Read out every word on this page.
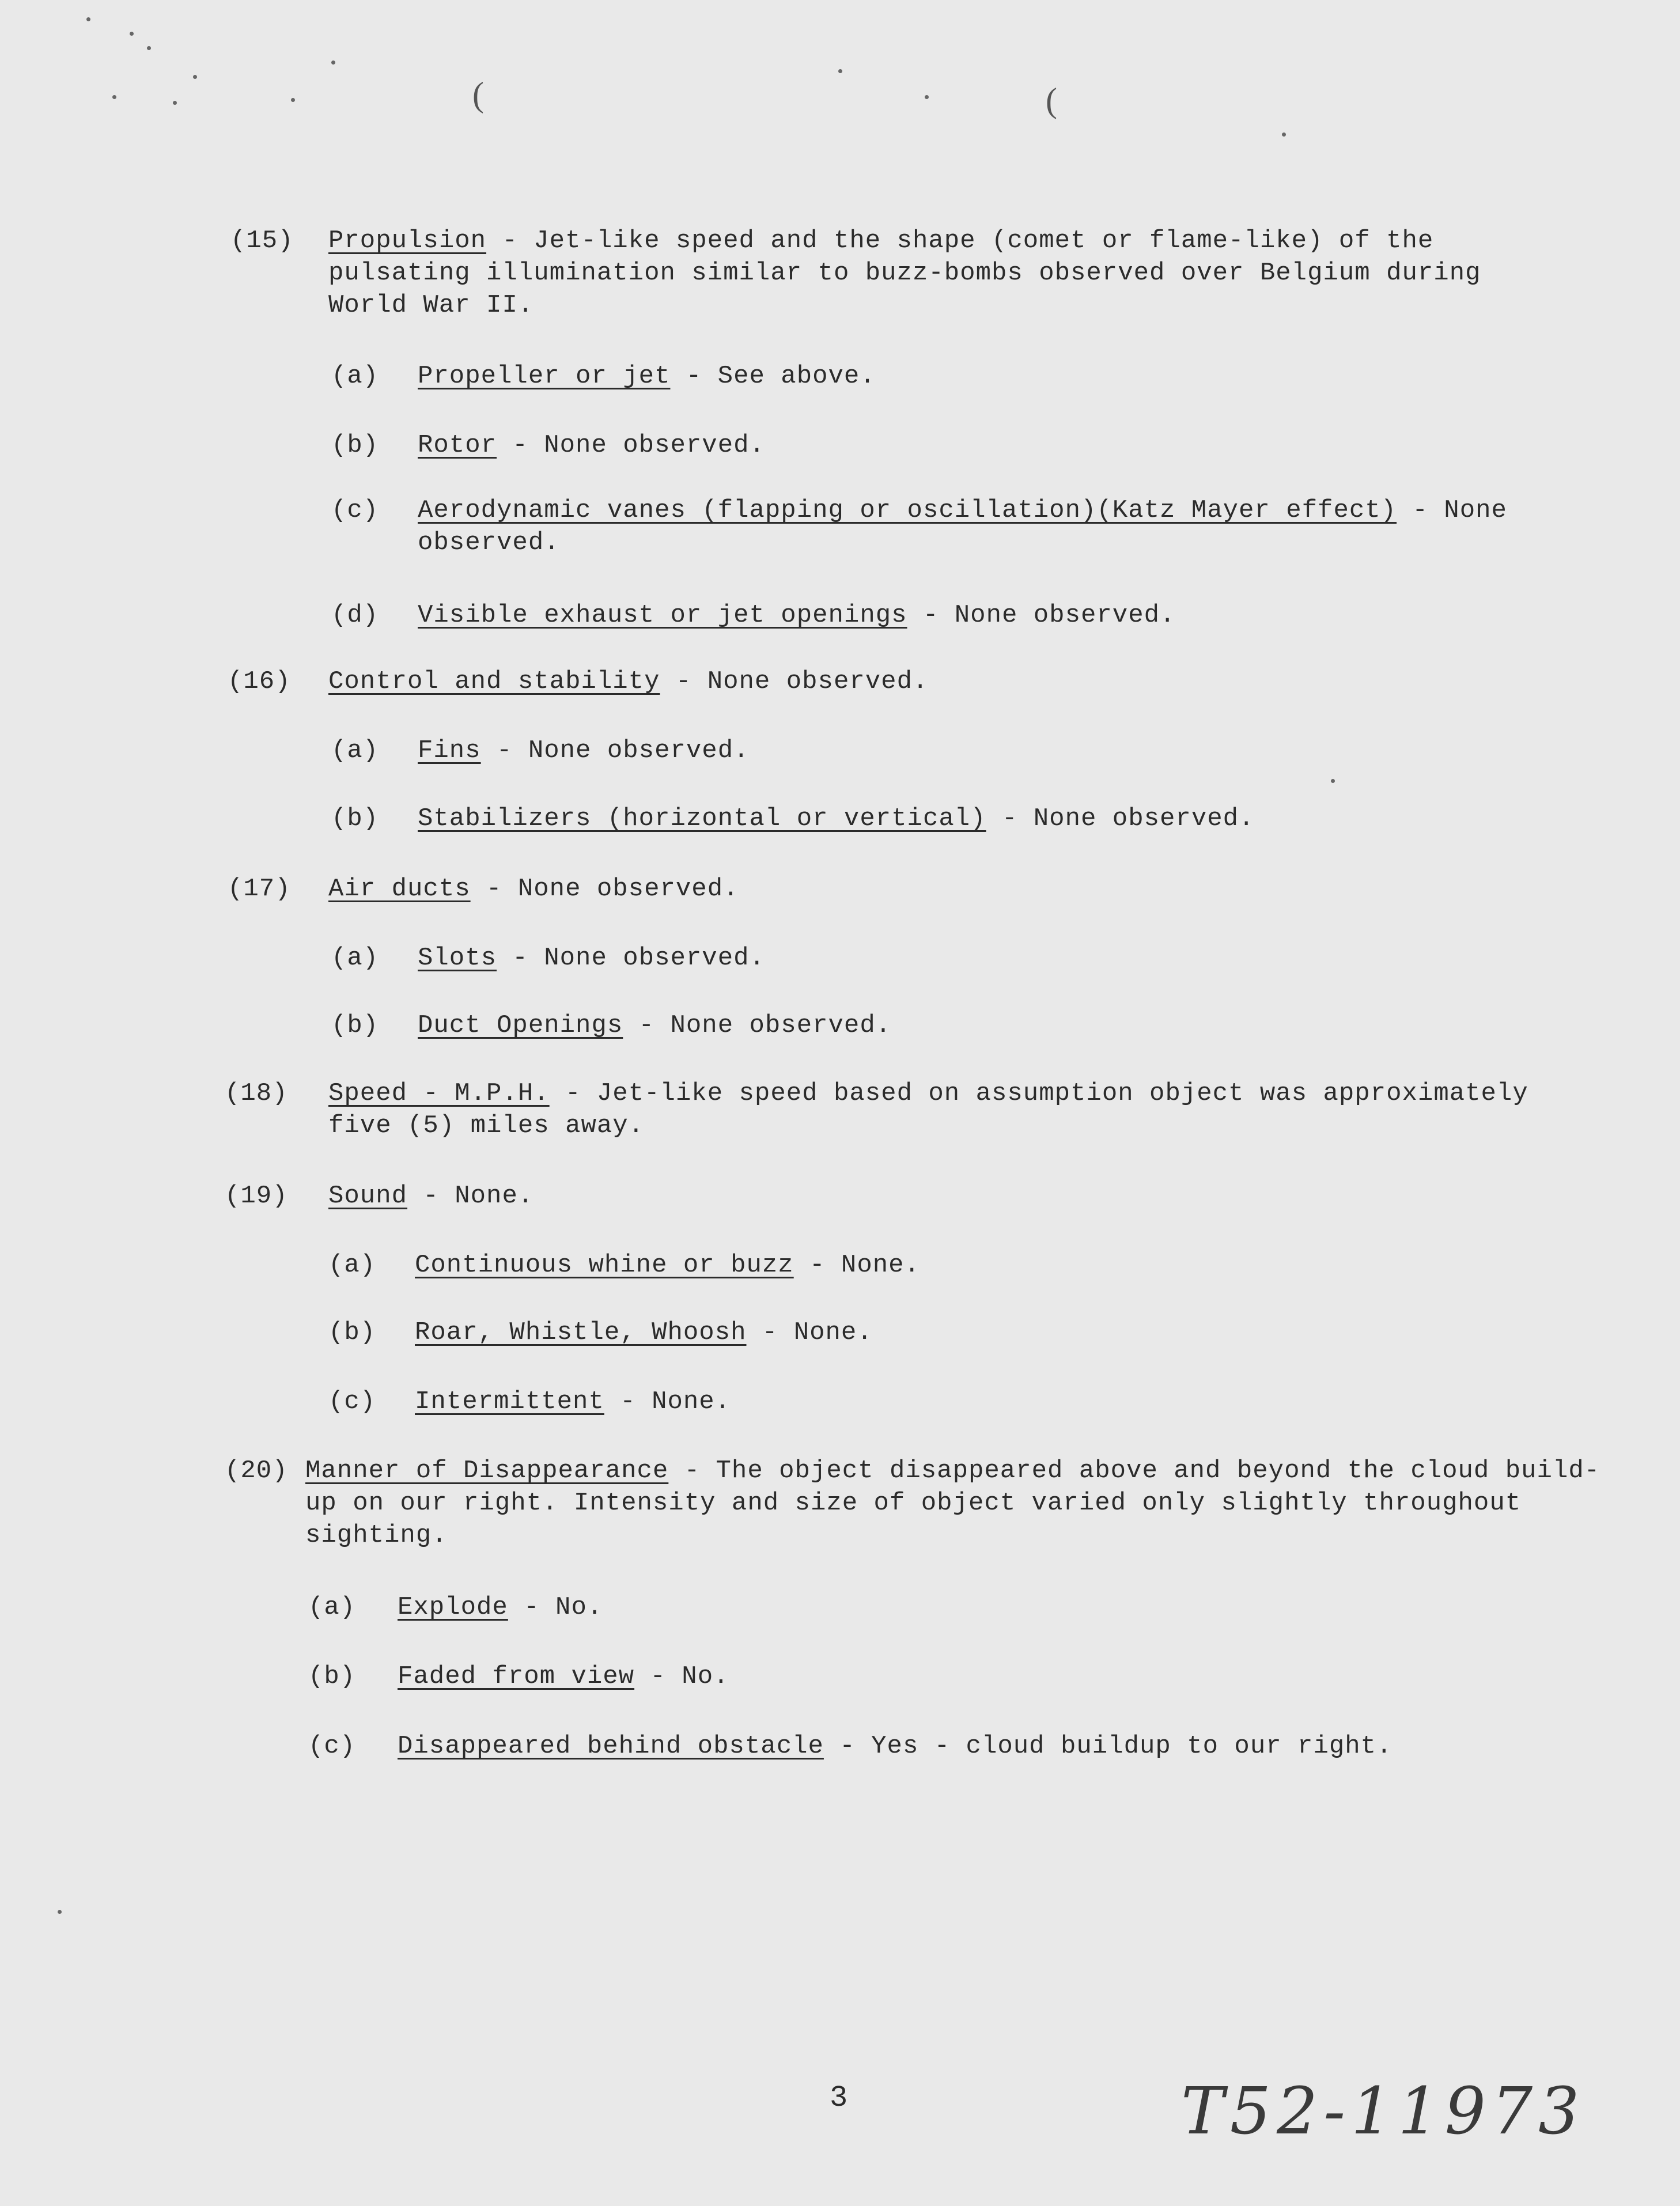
(	(
(15) Propulsion - Jet-like speed and the shape (comet or flame-like) of the pulsating illumination similar to buzz-bombs observed over Belgium during World War II.
(a) Propeller or jet - See above.
(b) Rotor - None observed.
(c) Aerodynamic vanes (flapping or oscillation)(Katz Mayer effect) - None observed.
(d) Visible exhaust or jet openings - None observed.
(16) Control and stability - None observed.
(a) Fins - None observed.
(b) Stabilizers (horizontal or vertical) - None observed.
(17) Air ducts - None observed.
(a) Slots - None observed.
(b) Duct Openings - None observed.
(18) Speed - M.P.H. - Jet-like speed based on assumption object was approximately five (5) miles away.
(19) Sound - None.
(a) Continuous whine or buzz - None.
(b) Roar, Whistle, Whoosh - None.
(c) Intermittent - None.
(20) Manner of Disappearance - The object disappeared above and beyond the cloud build-up on our right. Intensity and size of object varied only slightly throughout sighting.
(a) Explode - No.
(b) Faded from view - No.
(c) Disappeared behind obstacle - Yes - cloud buildup to our right.
3	T52-11973
